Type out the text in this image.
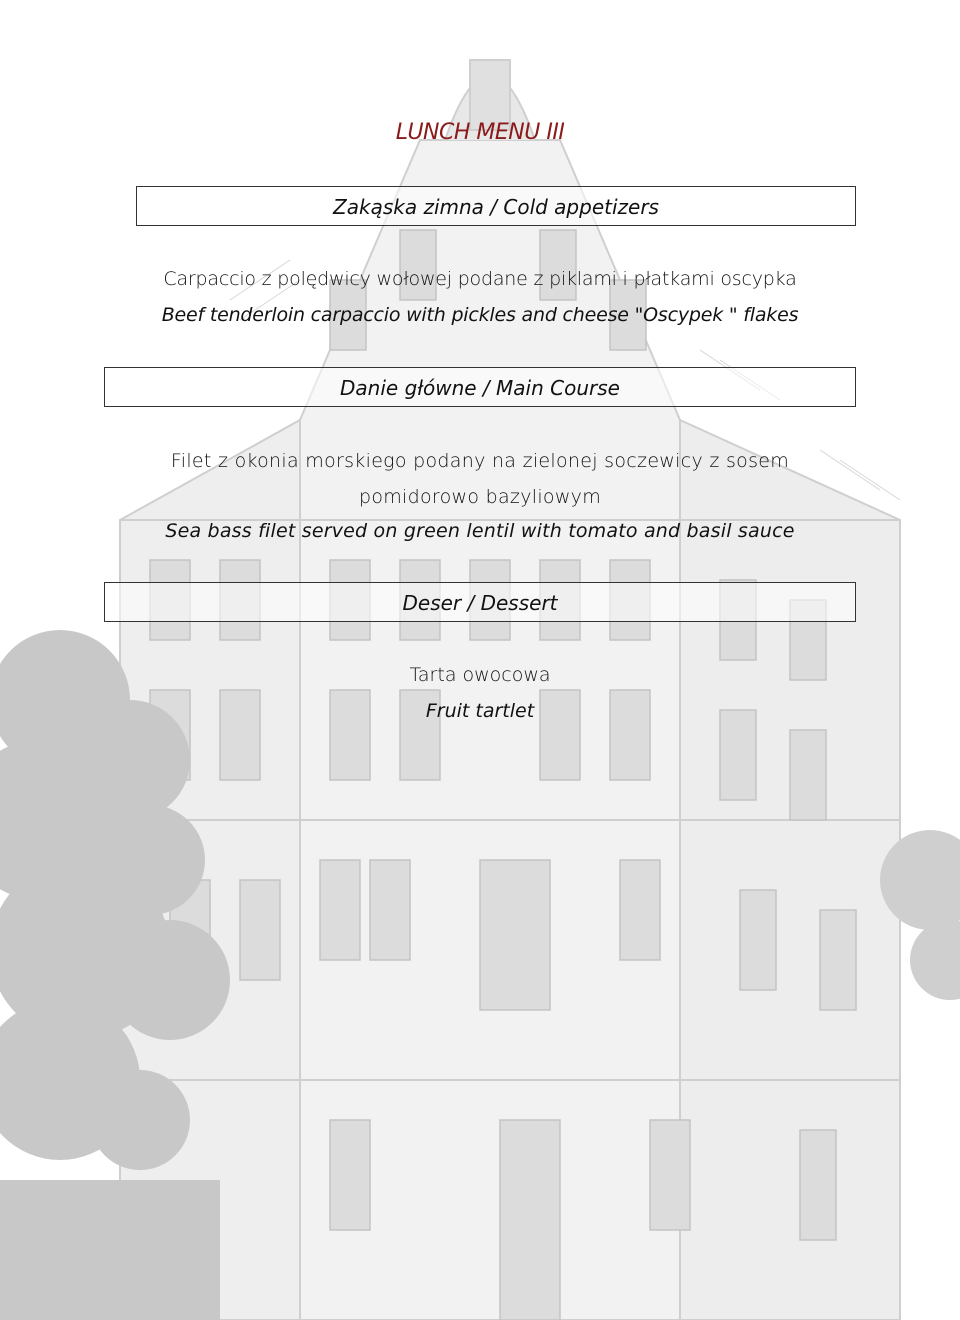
LUNCH MENU III
Zakąska zimna / Cold appetizers
Carpaccio z polędwicy wołowej podane z piklami i płatkami oscypka
Beef tenderloin carpaccio with pickles and cheese "Oscypek " flakes
Danie główne / Main Course
Filet z okonia morskiego podany na zielonej soczewicy z sosem
pomidorowo bazyliowym
Sea bass filet served on green lentil with tomato and basil sauce
Deser / Dessert
Tarta owocowa
Fruit tartlet
